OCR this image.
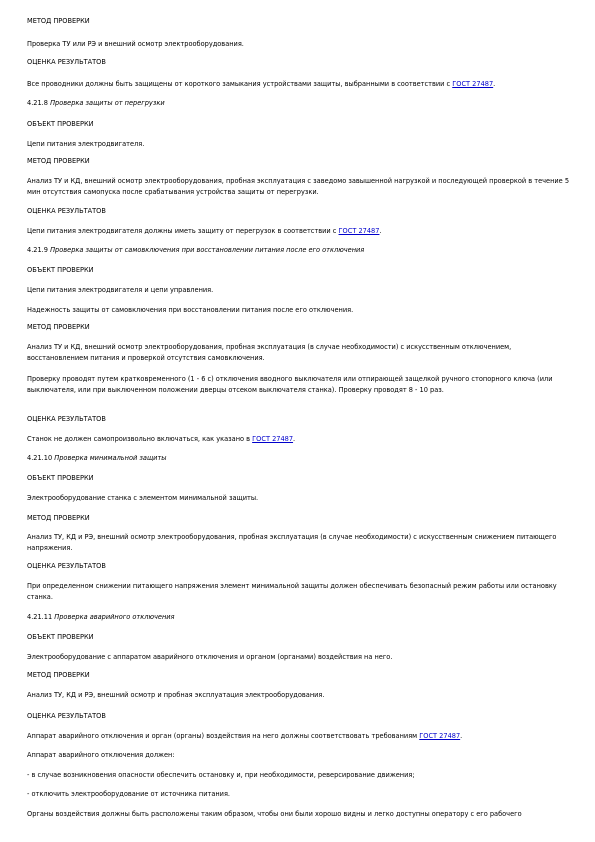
МЕТОД ПРОВЕРКИ

Проверка ТУ или РЭ и внешний осмотр электрооборудования.

ОЦЕНКА РЕЗУЛЬТАТОВ

Все проводники должны быть защищены от короткого замыкания устройствами защиты, выбранными в соответствии с ГОСТ 27487.

4.21.8 Проверка защиты от перегрузки

ОБЪЕКТ ПРОВЕРКИ

Цепи питания электродвигателя.

МЕТОД ПРОВЕРКИ

Анализ ТУ и КД, внешний осмотр электрооборудования, пробная эксплуатация с заведомо завышенной нагрузкой и последующей проверкой в течение 5 мин отсутствия самопуска после срабатывания устройства защиты от перегрузки.

ОЦЕНКА РЕЗУЛЬТАТОВ

Цепи питания электродвигателя должны иметь защиту от перегрузок в соответствии с ГОСТ 27487.

4.21.9 Проверка защиты от самовключения при восстановлении питания после его отключения

ОБЪЕКТ ПРОВЕРКИ

Цепи питания электродвигателя и цепи управления.

Надежность защиты от самовключения при восстановлении питания после его отключения.

МЕТОД ПРОВЕРКИ

Анализ ТУ и КД, внешний осмотр электрооборудования, пробная эксплуатация (в случае необходимости) с искусственным отключением, восстановлением питания и проверкой отсутствия самовключения.

Проверку проводят путем кратковременного (1 - 6 с) отключения вводного выключателя или отпирающей защелкой ручного стопорного ключа (или выключателя, или при выключенном положении дверцы отсеком выключателя станка). Проверку проводят 8 - 10 раз.

ОЦЕНКА РЕЗУЛЬТАТОВ

Станок не должен самопроизвольно включаться, как указано в ГОСТ 27487.

4.21.10 Проверка минимальной защиты

ОБЪЕКТ ПРОВЕРКИ

Электрооборудование станка с элементом минимальной защиты.

МЕТОД ПРОВЕРКИ

Анализ ТУ, КД и РЭ, внешний осмотр электрооборудования, пробная эксплуатация (в случае необходимости) с искусственным снижением питающего напряжения.

ОЦЕНКА РЕЗУЛЬТАТОВ

При определенном снижении питающего напряжения элемент минимальной защиты должен обеспечивать безопасный режим работы или остановку станка.

4.21.11 Проверка аварийного отключения

ОБЪЕКТ ПРОВЕРКИ

Электрооборудование с аппаратом аварийного отключения и органом (органами) воздействия на него.

МЕТОД ПРОВЕРКИ

Анализ ТУ, КД и РЭ, внешний осмотр и пробная эксплуатация электрооборудования.

ОЦЕНКА РЕЗУЛЬТАТОВ

Аппарат аварийного отключения и орган (органы) воздействия на него должны соответствовать требованиям ГОСТ 27487.

Аппарат аварийного отключения должен:

- в случае возникновения опасности обеспечить остановку и, при необходимости, реверсирование движения;

- отключить электрооборудование от источника питания.

Органы воздействия должны быть расположены таким образом, чтобы они были хорошо видны и легко доступны оператору с его рабочего
